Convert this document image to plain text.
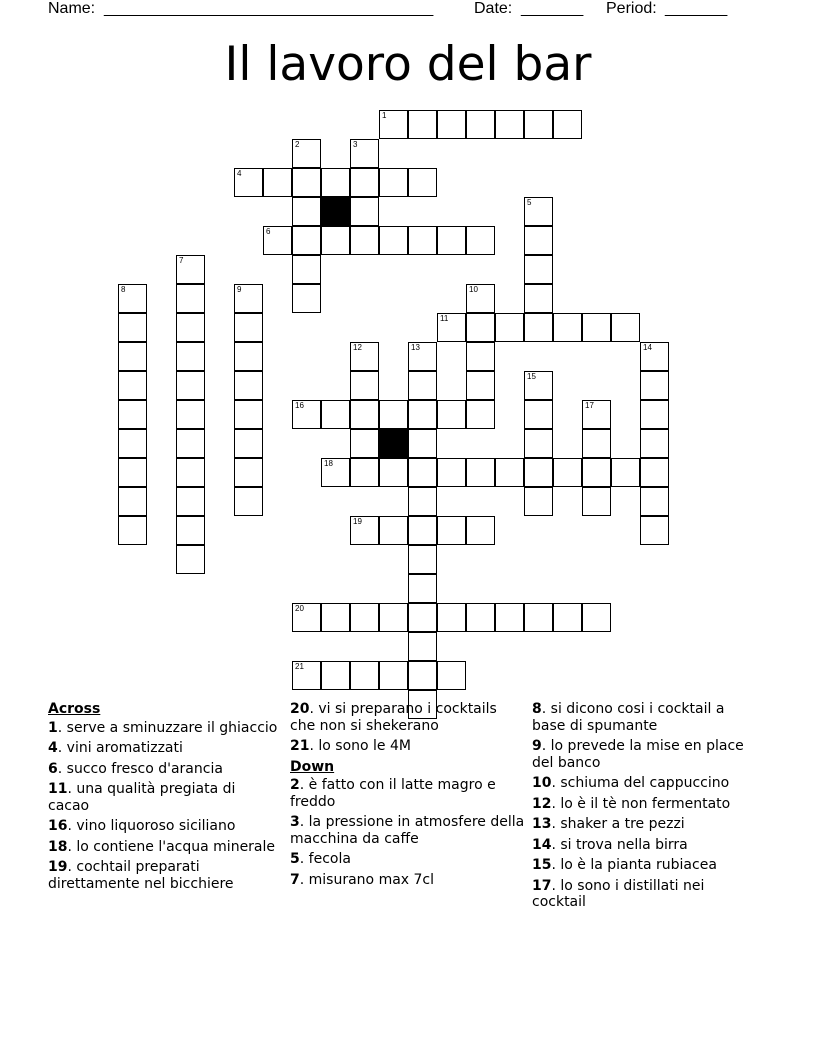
Name: _____________________________________	Date: _______ Period: _______
Il lavoro del bar
1
2	3
4
5
6
7
8	9	10
11
12	13	14
15
16	17
18
19
20
21
Across
1. serve a sminuzzare il ghiaccio
4. vini aromatizzati
6. succo fresco d'arancia
11. una qualità pregiata di cacao
16. vino liquoroso siciliano
18. lo contiene l'acqua minerale
19. cochtail preparati direttamente nel bicchiere
20. vi si preparano i cocktails che non si shekerano
21. lo sono le 4M
Down
2. è fatto con il latte magro e freddo
3. la pressione in atmosfere della macchina da caffe
5. fecola
7. misurano max 7cl
8. si dicono cosi i cocktail a base di spumante
9. lo prevede la mise en place del banco
10. schiuma del cappuccino
12. lo è il tè non fermentato
13. shaker a tre pezzi
14. si trova nella birra
15. lo è la pianta rubiacea
17. lo sono i distillati nei cocktail
